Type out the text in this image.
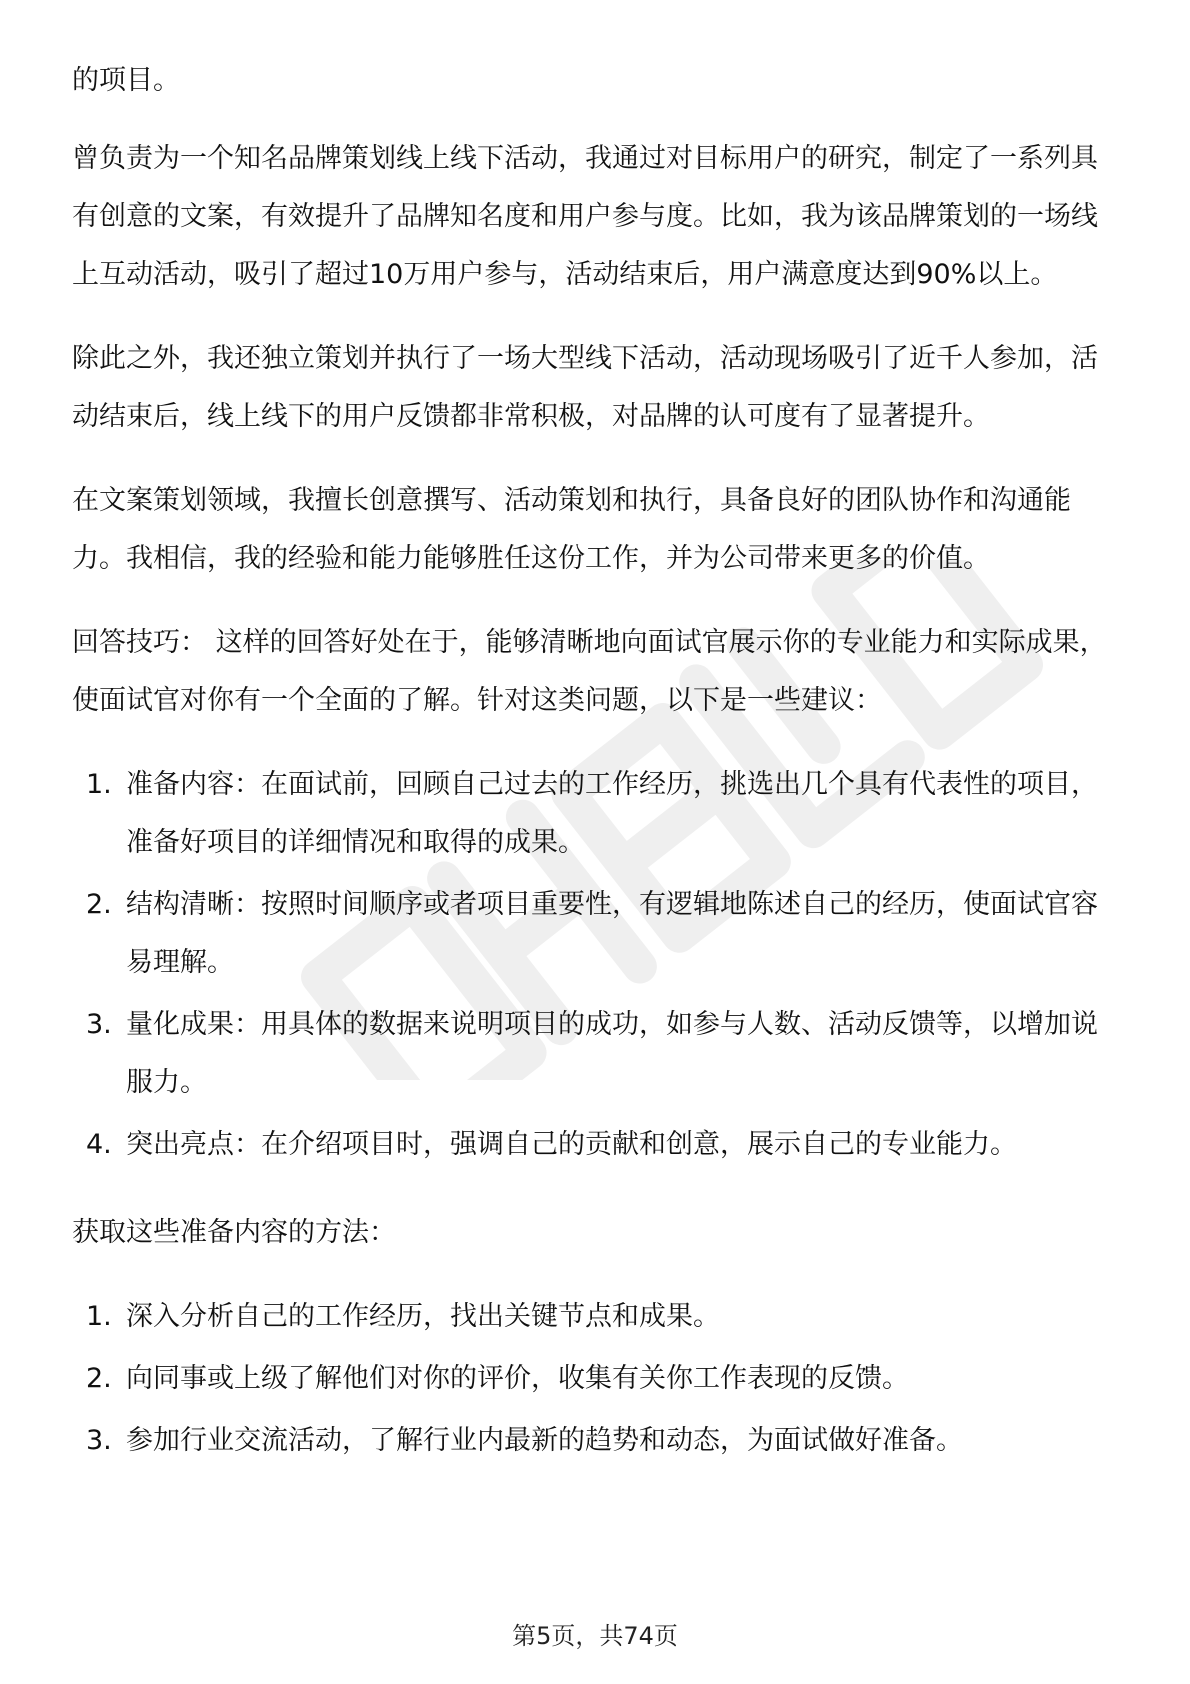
的项目。

曾负责为一个知名品牌策划线上线下活动，我通过对目标用户的研究，制定了一系列具有创意的文案，有效提升了品牌知名度和用户参与度。比如，我为该品牌策划的一场线上互动活动，吸引了超过10万用户参与，活动结束后，用户满意度达到90%以上。

除此之外，我还独立策划并执行了一场大型线下活动，活动现场吸引了近千人参加，活动结束后，线上线下的用户反馈都非常积极，对品牌的认可度有了显著提升。

在文案策划领域，我擅长创意撰写、活动策划和执行，具备良好的团队协作和沟通能力。我相信，我的经验和能力能够胜任这份工作，并为公司带来更多的价值。

回答技巧： 这样的回答好处在于，能够清晰地向面试官展示你的专业能力和实际成果，使面试官对你有一个全面的了解。针对这类问题，以下是一些建议：

1. 准备内容：在面试前，回顾自己过去的工作经历，挑选出几个具有代表性的项目，准备好项目的详细情况和取得的成果。
2. 结构清晰：按照时间顺序或者项目重要性，有逻辑地陈述自己的经历，使面试官容易理解。
3. 量化成果：用具体的数据来说明项目的成功，如参与人数、活动反馈等，以增加说服力。
4. 突出亮点：在介绍项目时，强调自己的贡献和创意，展示自己的专业能力。

获取这些准备内容的方法：

1. 深入分析自己的工作经历，找出关键节点和成果。
2. 向同事或上级了解他们对你的评价，收集有关你工作表现的反馈。
3. 参加行业交流活动，了解行业内最新的趋势和动态，为面试做好准备。
第5页，共74页
